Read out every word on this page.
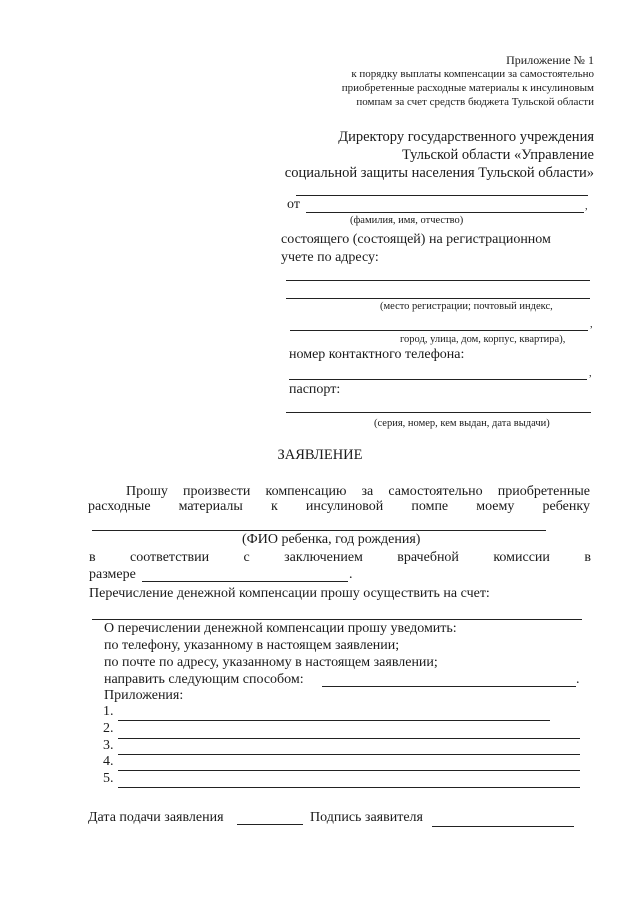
Приложение № 1
к порядку выплаты компенсации за самостоятельно
приобретенные расходные материалы к инсулиновым
помпам за счет средств бюджета Тульской области
Директору государственного учреждения
Тульской области «Управление
социальной защиты населения Тульской области»
от	,
(фамилия, имя, отчество)
состоящего (состоящей) на регистрационном
учете по адресу:
(место регистрации; почтовый индекс,
,
город, улица, дом, корпус, квартира),
номер контактного телефона:
,
паспорт:
(серия, номер, кем выдан, дата выдачи)
ЗАЯВЛЕНИЕ
Прошу произвести компенсацию за самостоятельно приобретенные
расходные материалы к инсулиновой помпе моему ребенку
(ФИО ребенка, год рождения)
в соответствии с заключением врачебной комиссии в
размере	.
Перечисление денежной компенсации прошу осуществить на счет:
О перечислении денежной компенсации прошу уведомить:
по телефону, указанному в настоящем заявлении;
по почте по адресу, указанному в настоящем заявлении;
направить следующим способом:	.
Приложения:
1.
2.
3.
4.
5.
Дата подачи заявления	Подпись заявителя
